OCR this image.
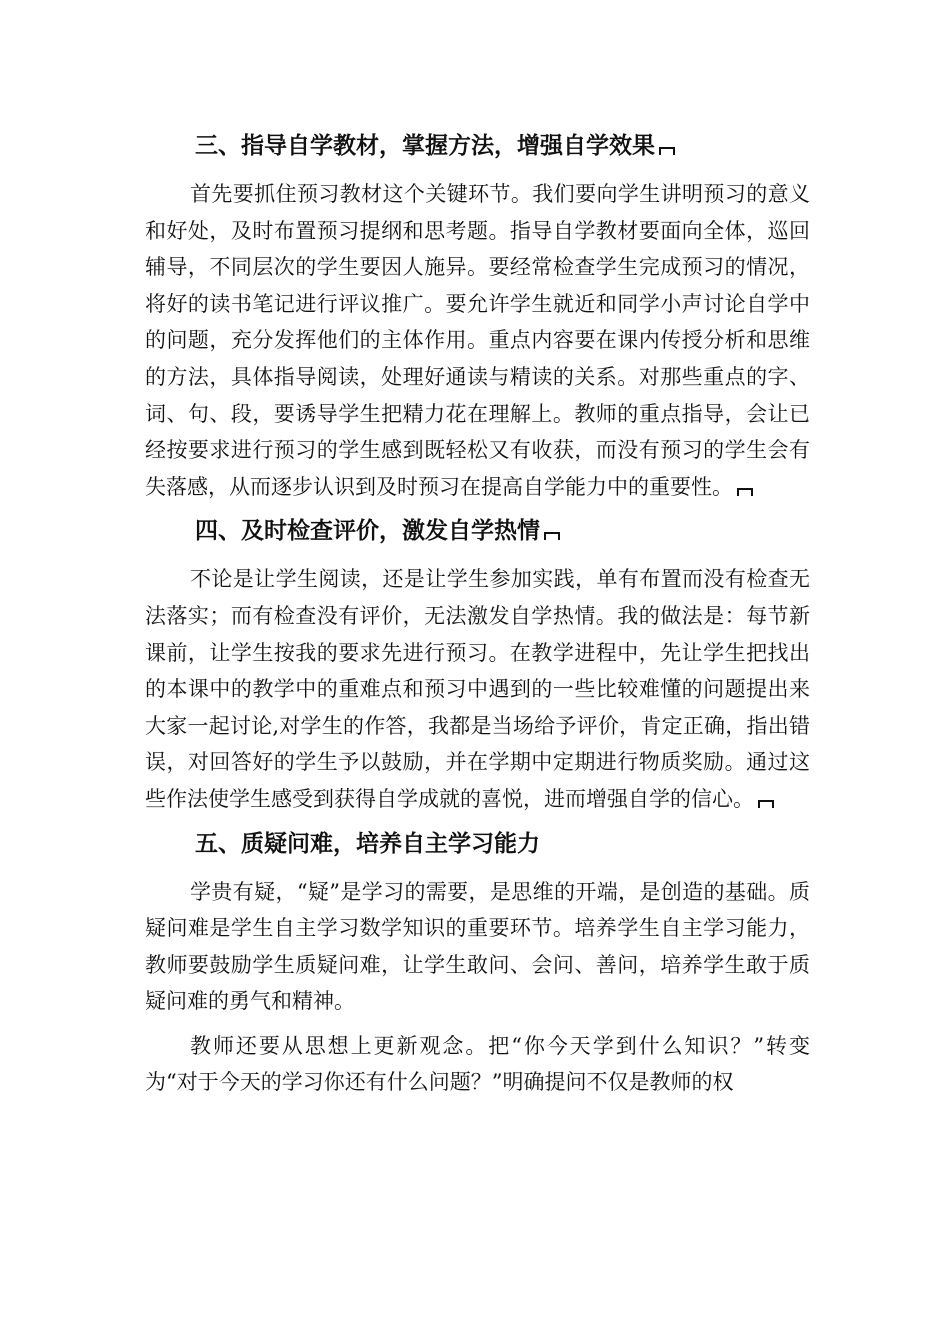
三、指导自学教材，掌握方法，增强自学效果

首先要抓住预习教材这个关键环节。我们要向学生讲明预习的意义和好处，及时布置预习提纲和思考题。指导自学教材要面向全体，巡回辅导，不同层次的学生要因人施异。要经常检查学生完成预习的情况，将好的读书笔记进行评议推广。要允许学生就近和同学小声讨论自学中的问题，充分发挥他们的主体作用。重点内容要在课内传授分析和思维的方法，具体指导阅读，处理好通读与精读的关系。对那些重点的字、词、句、段，要诱导学生把精力花在理解上。教师的重点指导，会让已经按要求进行预习的学生感到既轻松又有收获，而没有预习的学生会有失落感，从而逐步认识到及时预习在提高自学能力中的重要性。

四、及时检查评价，激发自学热情

不论是让学生阅读，还是让学生参加实践，单有布置而没有检查无法落实；而有检查没有评价，无法激发自学热情。我的做法是：每节新课前，让学生按我的要求先进行预习。在教学进程中，先让学生把找出的本课中的教学中的重难点和预习中遇到的一些比较难懂的问题提出来大家一起讨论,对学生的作答，我都是当场给予评价，肯定正确，指出错误，对回答好的学生予以鼓励，并在学期中定期进行物质奖励。通过这些作法使学生感受到获得自学成就的喜悦，进而增强自学的信心。

五、质疑问难，培养自主学习能力

学贵有疑，“疑”是学习的需要，是思维的开端，是创造的基础。质疑问难是学生自主学习数学知识的重要环节。培养学生自主学习能力，教师要鼓励学生质疑问难，让学生敢问、会问、善问，培养学生敢于质疑问难的勇气和精神。

教师还要从思想上更新观念。把“你今天学到什么知识？”转变为“对于今天的学习你还有什么问题？”明确提问不仅是教师的权
